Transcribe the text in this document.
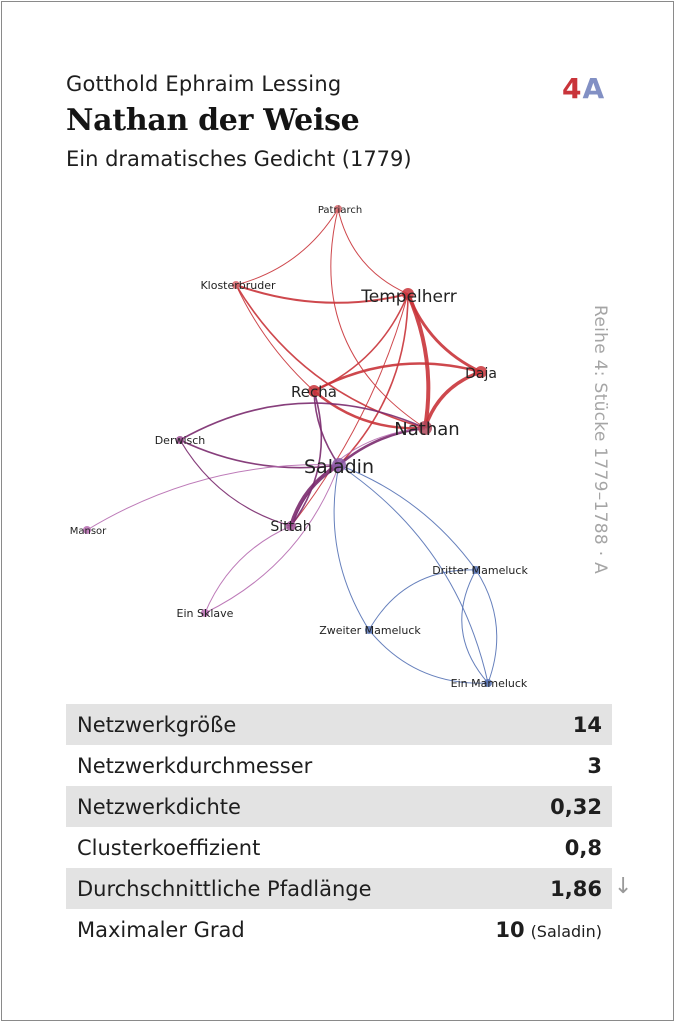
Gotthold Ephraim Lessing
Nathan der Weise
Ein dramatisches Gedicht (1779)
4A
Reihe 4: Stücke 1779–1788 · A
Patriarch
Klosterbruder
Tempelherr
Daja
Recha
Nathan
Derwisch
Saladin
Sittah
Mansor
Dritter Mameluck
Zweiter Mameluck
Ein Sklave
Ein Mameluck
Netzwerkgröße	14
Netzwerkdurchmesser	3
Netzwerkdichte	0,32
Clusterkoeffizient	0,8
Durchschnittliche Pfadlänge	1,86
Maximaler Grad	10 (Saladin)
↓
